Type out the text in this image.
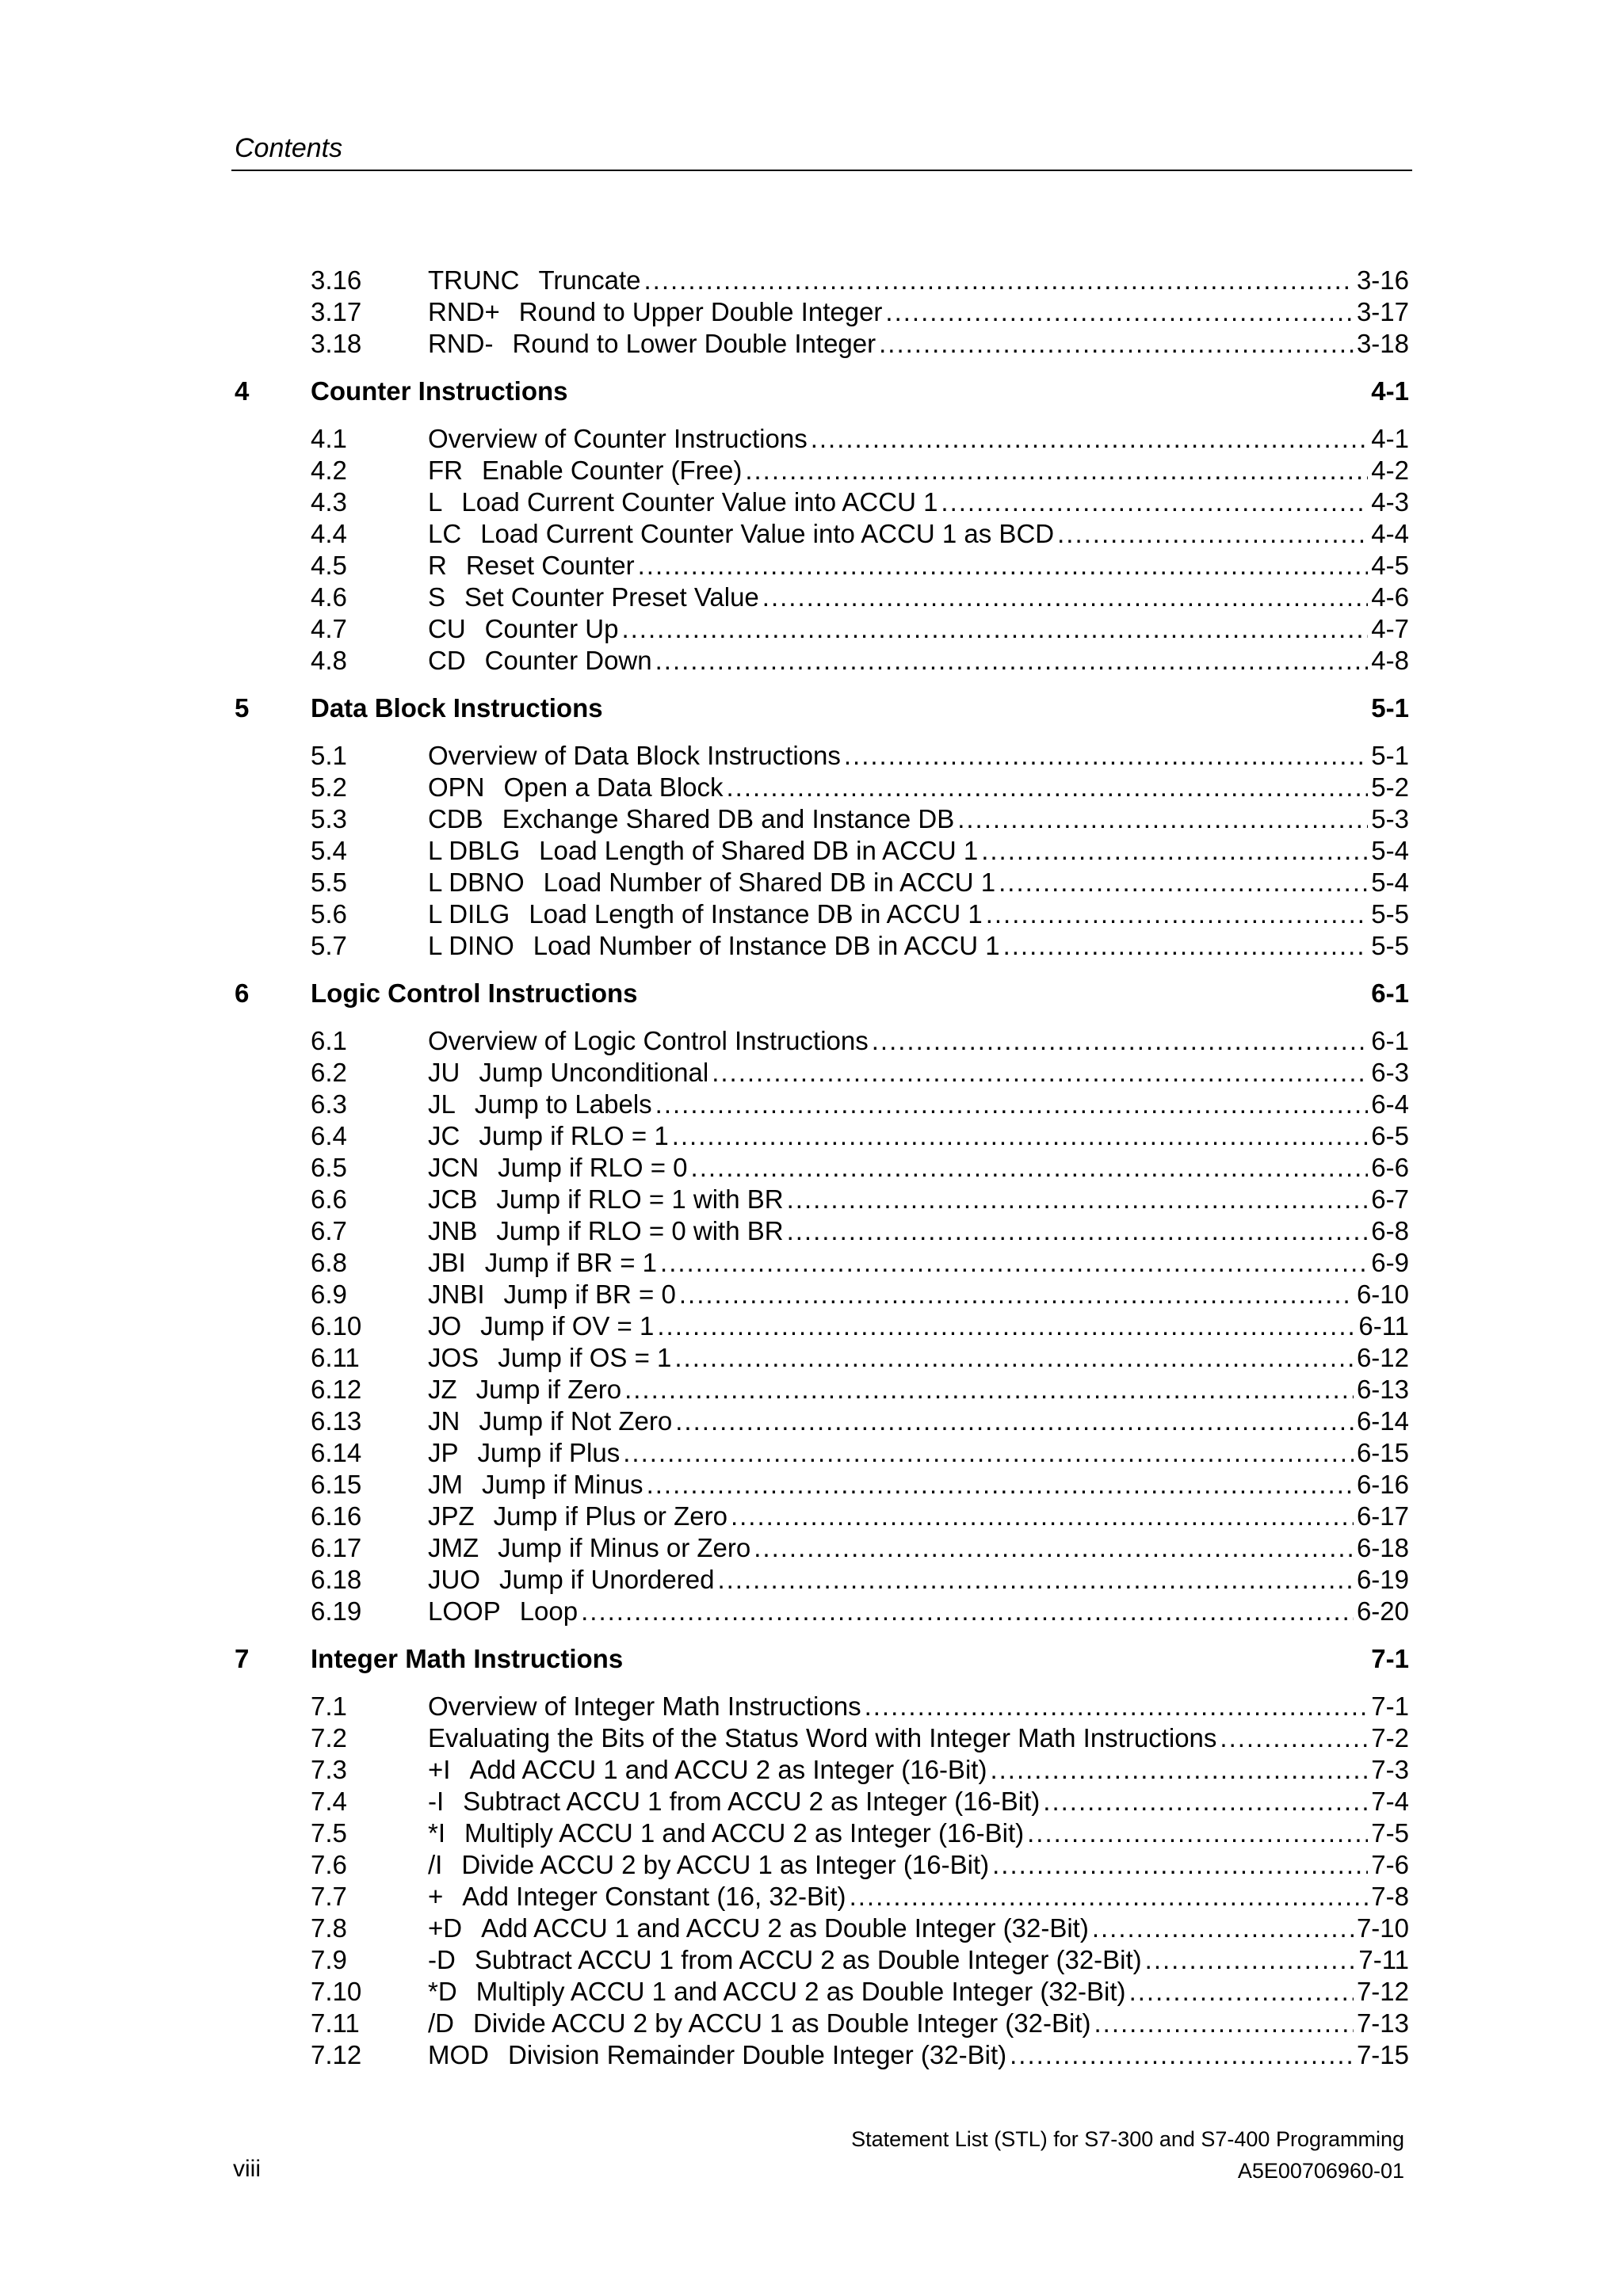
Contents
3.16	TRUNC Truncate .....	3-16
3.17	RND+ Round to Upper Double Integer .....	3-17
3.18	RND- Round to Lower Double Integer .....	3-18
4 Counter Instructions	4-1
4.1	Overview of Counter Instructions .....	4-1
4.2	FR Enable Counter (Free) .....	4-2
4.3	L Load Current Counter Value into ACCU 1 .....	4-3
4.4	LC Load Current Counter Value into ACCU 1 as BCD .....	4-4
4.5	R Reset Counter .....	4-5
4.6	S Set Counter Preset Value .....	4-6
4.7	CU Counter Up .....	4-7
4.8	CD Counter Down .....	4-8
5 Data Block Instructions	5-1
5.1	Overview of Data Block Instructions .....	5-1
5.2	OPN Open a Data Block .....	5-2
5.3	CDB Exchange Shared DB and Instance DB .....	5-3
5.4	L DBLG Load Length of Shared DB in ACCU 1 .....	5-4
5.5	L DBNO Load Number of Shared DB in ACCU 1 .....	5-4
5.6	L DILG Load Length of Instance DB in ACCU 1 .....	5-5
5.7	L DINO Load Number of Instance DB in ACCU 1 .....	5-5
6 Logic Control Instructions	6-1
6.1	Overview of Logic Control Instructions .....	6-1
6.2	JU Jump Unconditional .....	6-3
6.3	JL Jump to Labels .....	6-4
6.4	JC Jump if RLO = 1 .....	6-5
6.5	JCN Jump if RLO = 0 .....	6-6
6.6	JCB Jump if RLO = 1 with BR .....	6-7
6.7	JNB Jump if RLO = 0 with BR .....	6-8
6.8	JBI Jump if BR = 1 .....	6-9
6.9	JNBI Jump if BR = 0 .....	6-10
6.10	JO Jump if OV = 1 .....	6-11
6.11	JOS Jump if OS = 1 .....	6-12
6.12	JZ Jump if Zero .....	6-13
6.13	JN Jump if Not Zero .....	6-14
6.14	JP Jump if Plus .....	6-15
6.15	JM Jump if Minus .....	6-16
6.16	JPZ Jump if Plus or Zero .....	6-17
6.17	JMZ Jump if Minus or Zero .....	6-18
6.18	JUO Jump if Unordered .....	6-19
6.19	LOOP Loop .....	6-20
7 Integer Math Instructions	7-1
7.1	Overview of Integer Math Instructions .....	7-1
7.2	Evaluating the Bits of the Status Word with Integer Math Instructions .....	7-2
7.3	+I Add ACCU 1 and ACCU 2 as Integer (16-Bit) .....	7-3
7.4	-I Subtract ACCU 1 from ACCU 2 as Integer (16-Bit) .....	7-4
7.5	*I Multiply ACCU 1 and ACCU 2 as Integer (16-Bit) .....	7-5
7.6	/I Divide ACCU 2 by ACCU 1 as Integer (16-Bit) .....	7-6
7.7	+ Add Integer Constant (16, 32-Bit) .....	7-8
7.8	+D Add ACCU 1 and ACCU 2 as Double Integer (32-Bit) .....	7-10
7.9	-D Subtract ACCU 1 from ACCU 2 as Double Integer (32-Bit) .....	7-11
7.10	*D Multiply ACCU 1 and ACCU 2 as Double Integer (32-Bit) .....	7-12
7.11	/D Divide ACCU 2 by ACCU 1 as Double Integer (32-Bit) .....	7-13
7.12	MOD Division Remainder Double Integer (32-Bit) .....	7-15
Statement List (STL) for S7-300 and S7-400 Programming
A5E00706960-01
viii
